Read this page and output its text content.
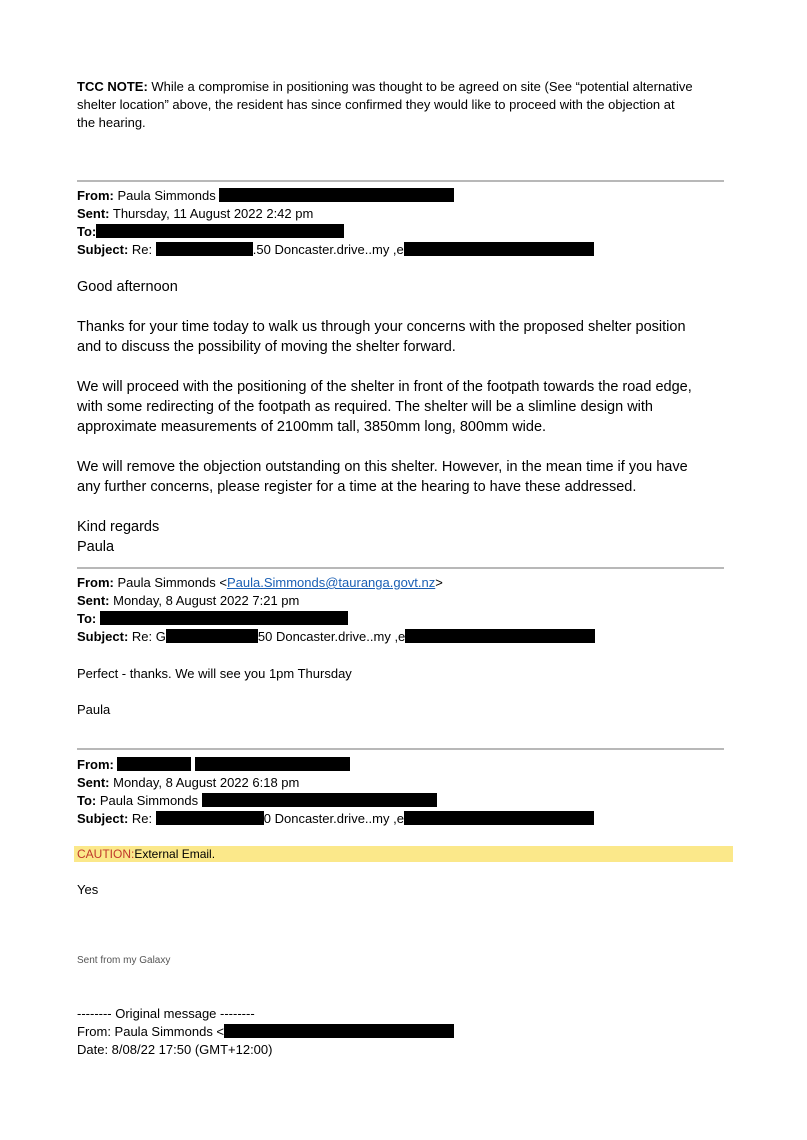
TCC NOTE: While a compromise in positioning was thought to be agreed on site (See “potential alternative
shelter location” above, the resident has since confirmed they would like to proceed with the objection at
the hearing.
From: Paula Simmonds
Sent: Thursday, 11 August 2022 2:42 pm
To:
Subject: Re:	.50 Doncaster.drive..my ,e
Good afternoon
Thanks for your time today to walk us through your concerns with the proposed shelter position
and to discuss the possibility of moving the shelter forward.
We will proceed with the positioning of the shelter in front of the footpath towards the road edge,
with some redirecting of the footpath as required. The shelter will be a slimline design with
approximate measurements of 2100mm tall, 3850mm long, 800mm wide.
We will remove the objection outstanding on this shelter. However, in the mean time if you have
any further concerns, please register for a time at the hearing to have these addressed.
Kind regards
Paula
From: Paula Simmonds <Paula.Simmonds@tauranga.govt.nz>
Sent: Monday, 8 August 2022 7:21 pm
To:
Subject: Re: G	50 Doncaster.drive..my ,e
Perfect - thanks. We will see you 1pm Thursday
Paula
From:
Sent: Monday, 8 August 2022 6:18 pm
To: Paula Simmonds
Subject: Re:	0 Doncaster.drive..my ,e
CAUTION:External Email.
Yes
Sent from my Galaxy
-------- Original message --------
From: Paula Simmonds <
Date: 8/08/22 17:50 (GMT+12:00)
